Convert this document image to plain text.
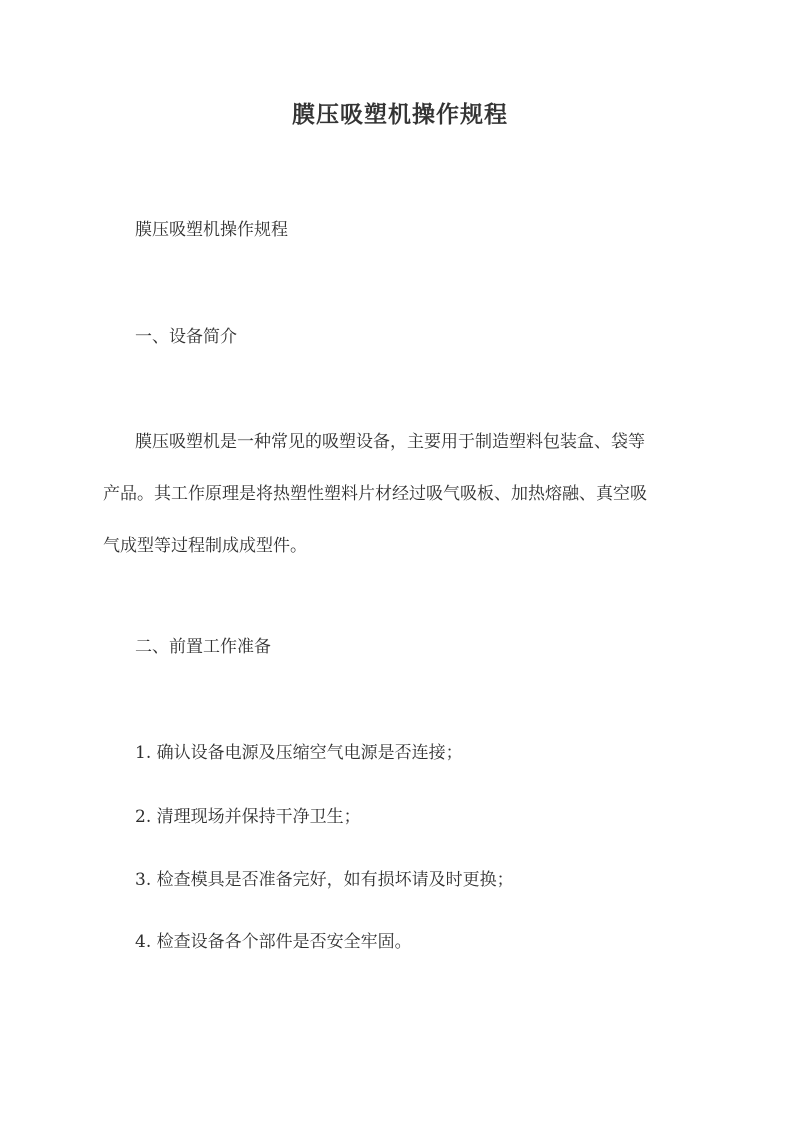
膜压吸塑机操作规程
膜压吸塑机操作规程
一、设备简介
膜压吸塑机是一种常见的吸塑设备，主要用于制造塑料包装盒、袋等
产品。其工作原理是将热塑性塑料片材经过吸气吸板、加热熔融、真空吸
气成型等过程制成成型件。
二、前置工作准备
1. 确认设备电源及压缩空气电源是否连接；
2. 清理现场并保持干净卫生；
3. 检查模具是否准备完好，如有损坏请及时更换；
4. 检查设备各个部件是否安全牢固。
